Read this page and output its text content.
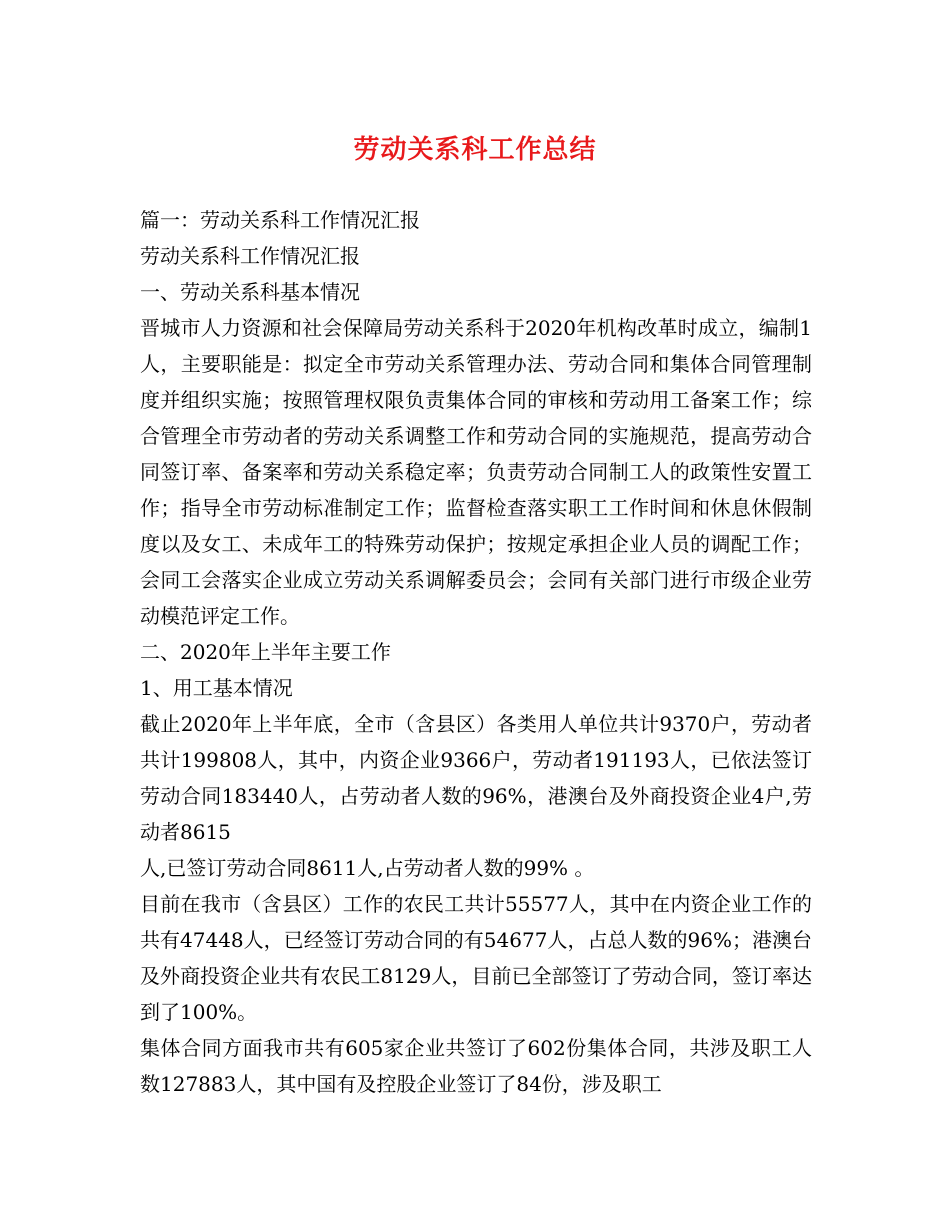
劳动关系科工作总结

篇一：劳动关系科工作情况汇报

劳动关系科工作情况汇报

一、劳动关系科基本情况

晋城市人力资源和社会保障局劳动关系科于2020年机构改革时成立，编制1人，主要职能是：拟定全市劳动关系管理办法、劳动合同和集体合同管理制度并组织实施；按照管理权限负责集体合同的审核和劳动用工备案工作；综合管理全市劳动者的劳动关系调整工作和劳动合同的实施规范，提高劳动合同签订率、备案率和劳动关系稳定率；负责劳动合同制工人的政策性安置工作；指导全市劳动标准制定工作；监督检查落实职工工作时间和休息休假制度以及女工、未成年工的特殊劳动保护；按规定承担企业人员的调配工作；会同工会落实企业成立劳动关系调解委员会；会同有关部门进行市级企业劳动模范评定工作。

二、2020年上半年主要工作

1、用工基本情况

截止2020年上半年底，全市（含县区）各类用人单位共计9370户，劳动者共计199808人，其中，内资企业9366户，劳动者191193人，已依法签订劳动合同183440人，占劳动者人数的96%，港澳台及外商投资企业4户,劳动者8615

人,已签订劳动合同8611人,占劳动者人数的99% 。

目前在我市（含县区）工作的农民工共计55577人，其中在内资企业工作的共有47448人，已经签订劳动合同的有54677人，占总人数的96%；港澳台及外商投资企业共有农民工8129人，目前已全部签订了劳动合同，签订率达到了100%。

集体合同方面我市共有605家企业共签订了602份集体合同，共涉及职工人数127883人，其中国有及控股企业签订了84份，涉及职工
